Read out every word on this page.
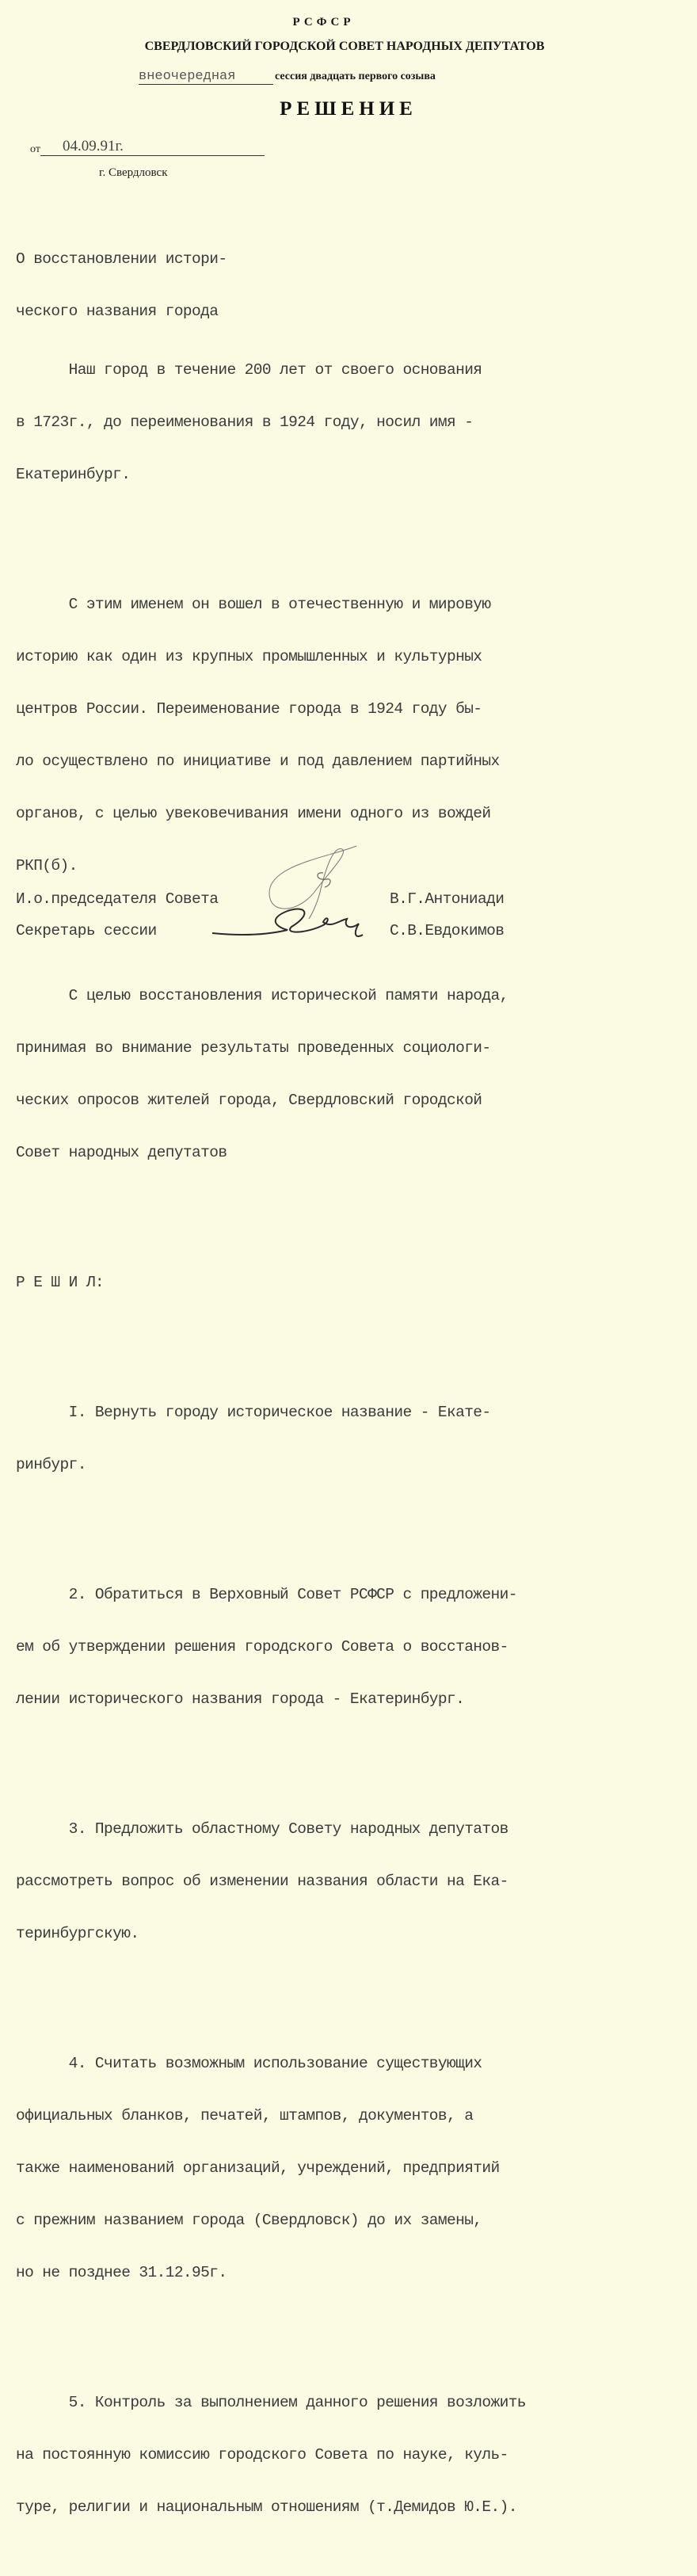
РСФСР
СВЕРДЛОВСКИЙ ГОРОДСКОЙ СОВЕТ НАРОДНЫХ ДЕПУТАТОВ
внеочередная	сессия двадцать первого созыва
РЕШЕНИЕ
от 04.09.91г.
г. Свердловск

О восстановлении истори-

ческого названия города

Наш город в течение 200 лет от своего основания

в 1723г., до переименования в 1924 году, носил имя -

Екатеринбург.

С этим именем он вошел в отечественную и мировую

историю как один из крупных промышленных и культурных

центров России. Переименование города в 1924 году бы-

ло осуществлено по инициативе и под давлением партийных

органов, с целью увековечивания имени одного из вождей

РКП(б).

С целью восстановления исторической памяти народа,

принимая во внимание результаты проведенных социологи-

ческих опросов жителей города, Свердловский городской

Совет народных депутатов

Р Е Ш И Л:

I. Вернуть городу историческое название - Екате-

ринбург.

2. Обратиться в Верховный Совет РСФСР с предложени-

ем об утверждении решения городского Совета о восстанов-

лении исторического названия города - Екатеринбург.

3. Предложить областному Совету народных депутатов

рассмотреть вопрос об изменении названия области на Ека-

теринбургскую.

4. Считать возможным использование существующих

официальных бланков, печатей, штампов, документов, а

также наименований организаций, учреждений, предприятий

с прежним названием города (Свердловск) до их замены,

но не позднее 31.12.95г.

5. Контроль за выполнением данного решения возложить

на постоянную комиссию городского Совета по науке, куль-

туре, религии и национальным отношениям (т.Демидов Ю.Е.).

И.о.председателя Совета	В.Г.Антониади
Секретарь сессии	С.В.Евдокимов
